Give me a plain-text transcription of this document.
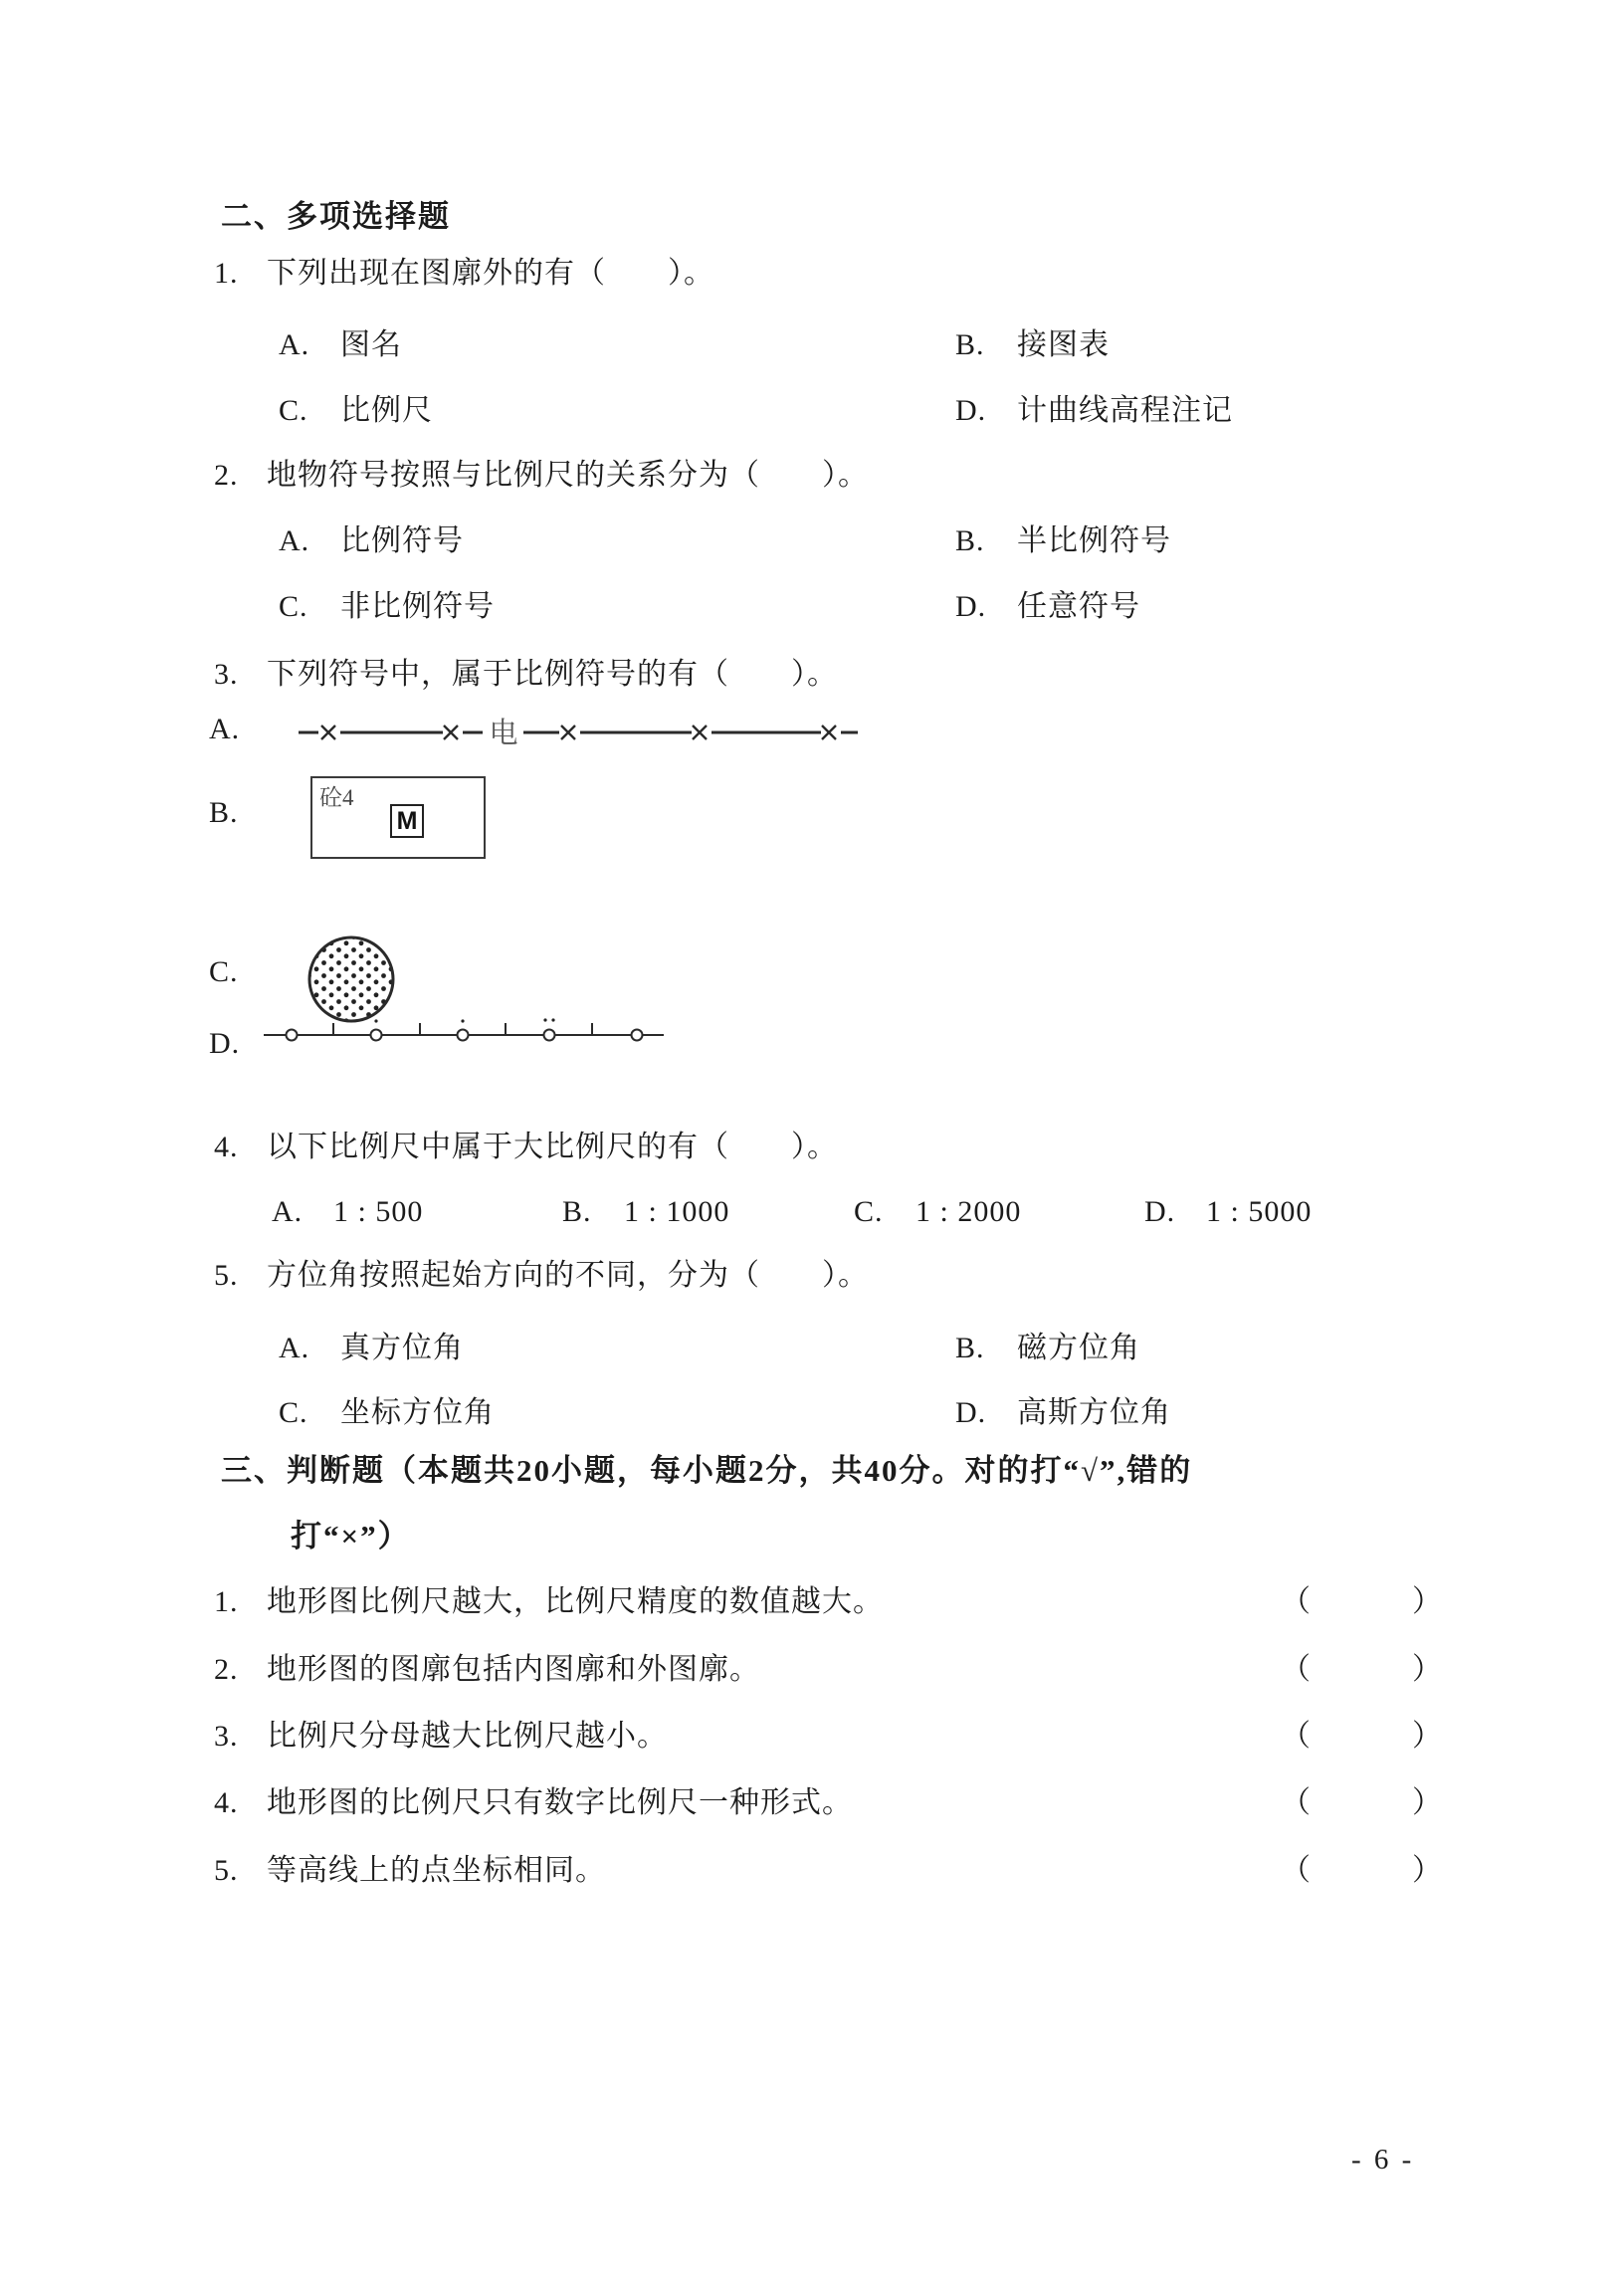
二、多项选择题
1. 下列出现在图廓外的有（　　）。
A. 图名	B. 接图表
C. 比例尺	D. 计曲线高程注记
2. 地物符号按照与比例尺的关系分为（　　）。
A. 比例符号	B. 半比例符号
C. 非比例符号	D. 任意符号
3. 下列符号中，属于比例符号的有（　　）。
A.	电
B.	砼4
M
C.
D.
4. 以下比例尺中属于大比例尺的有（　　）。
A. 1 : 500	B. 1 : 1000	C. 1 : 2000	D. 1 : 5000
5. 方位角按照起始方向的不同，分为（　　）。
A. 真方位角	B. 磁方位角
C. 坐标方位角	D. 高斯方位角
三、判断题（本题共20小题，每小题2分，共40分。对的打“√”,错的
打“×”）
1. 地形图比例尺越大，比例尺精度的数值越大。	（　　）
2. 地形图的图廓包括内图廓和外图廓。	（　　）
3. 比例尺分母越大比例尺越小。	（　　）
4. 地形图的比例尺只有数字比例尺一种形式。	（　　）
5. 等高线上的点坐标相同。	（　　）
- 6 -
